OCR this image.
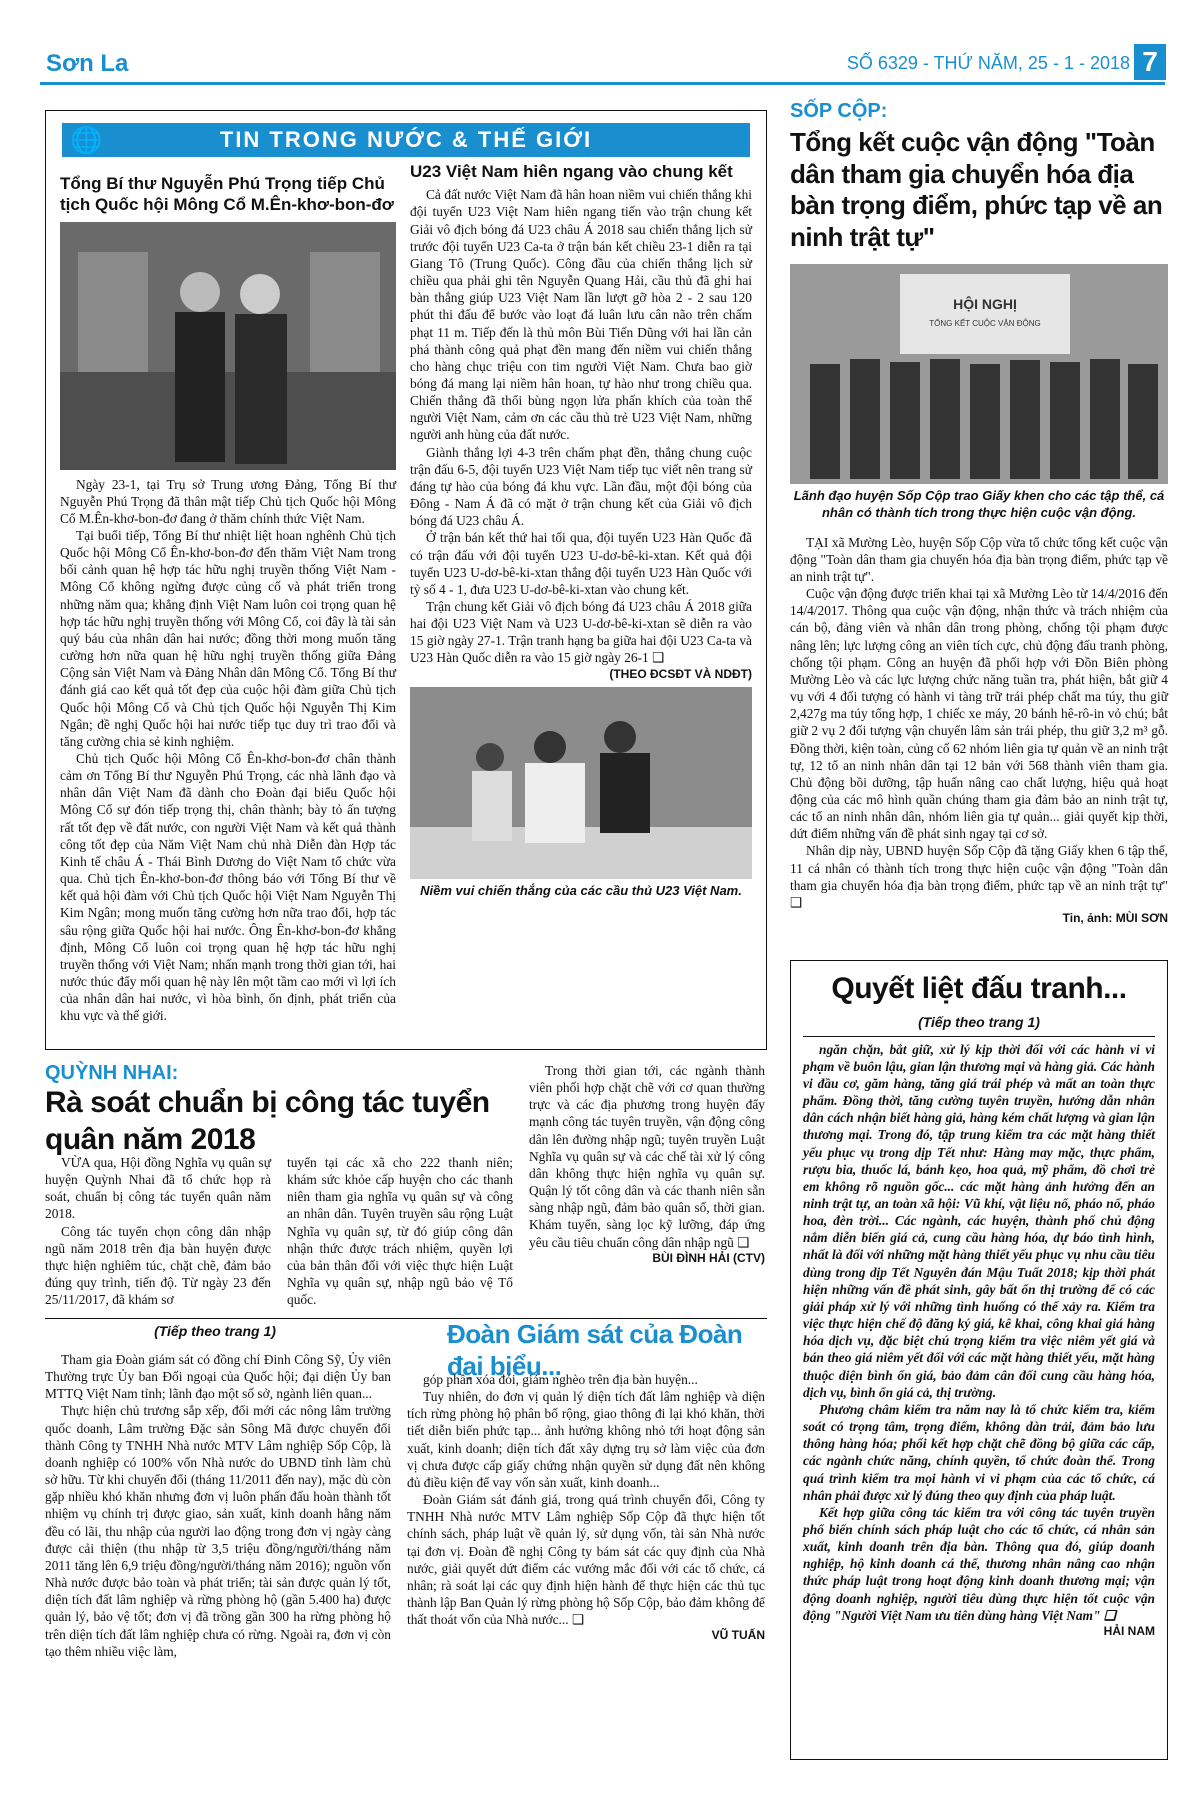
Sơn La	SỐ 6329 - THỨ NĂM, 25 - 1 - 2018 7
🌐	TIN TRONG NƯỚC & THẾ GIỚI
Tổng Bí thư Nguyễn Phú Trọng tiếp Chủ tịch Quốc hội Mông Cổ M.Ên-khơ-bon-đơ

Ngày 23-1, tại Trụ sở Trung ương Đảng, Tổng Bí thư Nguyễn Phú Trọng đã thân mật tiếp Chủ tịch Quốc hội Mông Cổ M.Ên-khơ-bon-đơ đang ở thăm chính thức Việt Nam.

Tại buổi tiếp, Tổng Bí thư nhiệt liệt hoan nghênh Chủ tịch Quốc hội Mông Cổ Ên-khơ-bon-đơ đến thăm Việt Nam trong bối cảnh quan hệ hợp tác hữu nghị truyền thống Việt Nam - Mông Cổ không ngừng được củng cố và phát triển trong những năm qua; khẳng định Việt Nam luôn coi trọng quan hệ hợp tác hữu nghị truyền thống với Mông Cổ, coi đây là tài sản quý báu của nhân dân hai nước; đồng thời mong muốn tăng cường hơn nữa quan hệ hữu nghị truyền thống giữa Đảng Cộng sản Việt Nam và Đảng Nhân dân Mông Cổ. Tổng Bí thư đánh giá cao kết quả tốt đẹp của cuộc hội đàm giữa Chủ tịch Quốc hội Mông Cổ và Chủ tịch Quốc hội Nguyễn Thị Kim Ngân; đề nghị Quốc hội hai nước tiếp tục duy trì trao đổi và tăng cường chia sẻ kinh nghiệm.

Chủ tịch Quốc hội Mông Cổ Ên-khơ-bon-đơ chân thành cảm ơn Tổng Bí thư Nguyễn Phú Trọng, các nhà lãnh đạo và nhân dân Việt Nam đã dành cho Đoàn đại biểu Quốc hội Mông Cổ sự đón tiếp trọng thị, chân thành; bày tỏ ấn tượng rất tốt đẹp về đất nước, con người Việt Nam và kết quả thành công tốt đẹp của Năm Việt Nam chủ nhà Diễn đàn Hợp tác Kinh tế châu Á - Thái Bình Dương do Việt Nam tổ chức vừa qua. Chủ tịch Ên-khơ-bon-đơ thông báo với Tổng Bí thư về kết quả hội đàm với Chủ tịch Quốc hội Việt Nam Nguyễn Thị Kim Ngân; mong muốn tăng cường hơn nữa trao đổi, hợp tác sâu rộng giữa Quốc hội hai nước. Ông Ên-khơ-bon-đơ khẳng định, Mông Cổ luôn coi trọng quan hệ hợp tác hữu nghị truyền thống với Việt Nam; nhấn mạnh trong thời gian tới, hai nước thúc đẩy mối quan hệ này lên một tầm cao mới vì lợi ích của nhân dân hai nước, vì hòa bình, ổn định, phát triển của khu vực và thế giới.

U23 Việt Nam hiên ngang vào chung kết

Cả đất nước Việt Nam đã hân hoan niềm vui chiến thắng khi đội tuyển U23 Việt Nam hiên ngang tiến vào trận chung kết Giải vô địch bóng đá U23 châu Á 2018 sau chiến thắng lịch sử trước đội tuyển U23 Ca-ta ở trận bán kết chiều 23-1 diễn ra tại Giang Tô (Trung Quốc). Công đầu của chiến thắng lịch sử chiều qua phải ghi tên Nguyễn Quang Hải, cầu thủ đã ghi hai bàn thắng giúp U23 Việt Nam lần lượt gỡ hòa 2 - 2 sau 120 phút thi đấu để bước vào loạt đá luân lưu cân não trên chấm phạt 11 m. Tiếp đến là thủ môn Bùi Tiến Dũng với hai lần cản phá thành công quả phạt đền mang đến niềm vui chiến thắng cho hàng chục triệu con tim người Việt Nam. Chưa bao giờ bóng đá mang lại niềm hân hoan, tự hào như trong chiều qua. Chiến thắng đã thổi bùng ngọn lửa phấn khích của toàn thể người Việt Nam, cảm ơn các cầu thủ trẻ U23 Việt Nam, những người anh hùng của đất nước.

Giành thắng lợi 4-3 trên chấm phạt đền, thắng chung cuộc trận đấu 6-5, đội tuyển U23 Việt Nam tiếp tục viết nên trang sử đáng tự hào của bóng đá khu vực. Lần đầu, một đội bóng của Đông - Nam Á đã có mặt ở trận chung kết của Giải vô địch bóng đá U23 châu Á.

Ở trận bán kết thứ hai tối qua, đội tuyển U23 Hàn Quốc đã có trận đấu với đội tuyển U23 U-dơ-bê-ki-xtan. Kết quả đội tuyển U23 U-dơ-bê-ki-xtan thắng đội tuyển U23 Hàn Quốc với tỷ số 4 - 1, đưa U23 U-dơ-bê-ki-xtan vào chung kết.

Trận chung kết Giải vô địch bóng đá U23 châu Á 2018 giữa hai đội U23 Việt Nam và U23 U-dơ-bê-ki-xtan sẽ diễn ra vào 15 giờ ngày 27-1. Trận tranh hạng ba giữa hai đội U23 Ca-ta và U23 Hàn Quốc diễn ra vào 15 giờ ngày 26-1 ❑

(THEO ĐCSĐT VÀ NDĐT)
Niềm vui chiến thắng của các cầu thủ U23 Việt Nam.
SỐP CỘP:
Tổng kết cuộc vận động "Toàn dân tham gia chuyển hóa địa bàn trọng điểm, phức tạp về an ninh trật tự"
HỘI NGHỊ
TỔNG KẾT CUỘC VẬN ĐỘNG
Lãnh đạo huyện Sốp Cộp trao Giấy khen cho các tập thể, cá nhân có thành tích trong thực hiện cuộc vận động.

TẠI xã Mường Lèo, huyện Sốp Cộp vừa tổ chức tổng kết cuộc vận động "Toàn dân tham gia chuyển hóa địa bàn trọng điểm, phức tạp về an ninh trật tự".

Cuộc vận động được triển khai tại xã Mường Lèo từ 14/4/2016 đến 14/4/2017. Thông qua cuộc vận động, nhận thức và trách nhiệm của cán bộ, đảng viên và nhân dân trong phòng, chống tội phạm được nâng lên; lực lượng công an viên tích cực, chủ động đấu tranh phòng, chống tội phạm. Công an huyện đã phối hợp với Đồn Biên phòng Mường Lèo và các lực lượng chức năng tuần tra, phát hiện, bắt giữ 4 vụ với 4 đối tượng có hành vi tàng trữ trái phép chất ma túy, thu giữ 2,427g ma túy tổng hợp, 1 chiếc xe máy, 20 bánh hê-rô-in vỏ chú; bắt giữ 2 vụ 2 đối tượng vận chuyển lâm sản trái phép, thu giữ 3,2 m³ gỗ. Đồng thời, kiện toàn, củng cố 62 nhóm liên gia tự quản về an ninh trật tự, 12 tổ an ninh nhân dân tại 12 bản với 568 thành viên tham gia. Chủ động bồi dưỡng, tập huấn nâng cao chất lượng, hiệu quả hoạt động của các mô hình quần chúng tham gia đảm bảo an ninh trật tự, các tổ an ninh nhân dân, nhóm liên gia tự quản... giải quyết kịp thời, dứt điểm những vấn đề phát sinh ngay tại cơ sở.

Nhân dịp này, UBND huyện Sốp Cộp đã tặng Giấy khen 6 tập thể, 11 cá nhân có thành tích trong thực hiện cuộc vận động "Toàn dân tham gia chuyển hóa địa bàn trọng điểm, phức tạp về an ninh trật tự" ❑

Tin, ảnh: MÙI SƠN
Quyết liệt đấu tranh...
(Tiếp theo trang 1)

ngăn chặn, bắt giữ, xử lý kịp thời đối với các hành vi vi phạm về buôn lậu, gian lận thương mại và hàng giả. Các hành vi đầu cơ, găm hàng, tăng giá trái phép và mất an toàn thực phẩm. Đồng thời, tăng cường tuyên truyền, hướng dẫn nhân dân cách nhận biết hàng giả, hàng kém chất lượng và gian lận thương mại. Trong đó, tập trung kiểm tra các mặt hàng thiết yếu phục vụ trong dịp Tết như: Hàng may mặc, thực phẩm, rượu bia, thuốc lá, bánh kẹo, hoa quả, mỹ phẩm, đồ chơi trẻ em không rõ nguồn gốc... các mặt hàng ảnh hưởng đến an ninh trật tự, an toàn xã hội: Vũ khí, vật liệu nổ, pháo nổ, pháo hoa, đèn trời... Các ngành, các huyện, thành phố chủ động nắm diễn biến giá cả, cung cầu hàng hóa, dự báo tình hình, nhất là đối với những mặt hàng thiết yếu phục vụ nhu cầu tiêu dùng trong dịp Tết Nguyên đán Mậu Tuất 2018; kịp thời phát hiện những vấn đề phát sinh, gây bất ổn thị trường để có các giải pháp xử lý với những tình huống có thể xảy ra. Kiểm tra việc thực hiện chế độ đăng ký giá, kê khai, công khai giá hàng hóa dịch vụ, đặc biệt chú trọng kiểm tra việc niêm yết giá và bán theo giá niêm yết đối với các mặt hàng thiết yếu, mặt hàng thuộc diện bình ổn giá, bảo đảm cân đối cung cầu hàng hóa, dịch vụ, bình ổn giá cả, thị trường.

Phương châm kiểm tra năm nay là tổ chức kiểm tra, kiểm soát có trọng tâm, trọng điểm, không dàn trải, đảm bảo lưu thông hàng hóa; phối kết hợp chặt chẽ đồng bộ giữa các cấp, các ngành chức năng, chính quyền, tổ chức đoàn thể. Trong quá trình kiểm tra mọi hành vi vi phạm của các tổ chức, cá nhân phải được xử lý đúng theo quy định của pháp luật.

Kết hợp giữa công tác kiểm tra với công tác tuyên truyền phổ biến chính sách pháp luật cho các tổ chức, cá nhân sản xuất, kinh doanh trên địa bàn. Thông qua đó, giúp doanh nghiệp, hộ kinh doanh cá thể, thương nhân nâng cao nhận thức pháp luật trong hoạt động kinh doanh thương mại; vận động doanh nghiệp, người tiêu dùng thực hiện tốt cuộc vận động "Người Việt Nam ưu tiên dùng hàng Việt Nam" ❑

HẢI NAM
QUỲNH NHAI:
Rà soát chuẩn bị công tác tuyển quân năm 2018

VỪA qua, Hội đồng Nghĩa vụ quân sự huyện Quỳnh Nhai đã tổ chức họp rà soát, chuẩn bị công tác tuyển quân năm 2018.

Công tác tuyển chọn công dân nhập ngũ năm 2018 trên địa bàn huyện được thực hiện nghiêm túc, chặt chẽ, đảm bảo đúng quy trình, tiến độ. Từ ngày 23 đến 25/11/2017, đã khám sơ

tuyển tại các xã cho 222 thanh niên; khám sức khỏe cấp huyện cho các thanh niên tham gia nghĩa vụ quân sự và công an nhân dân. Tuyên truyền sâu rộng Luật Nghĩa vụ quân sự, từ đó giúp công dân nhận thức được trách nhiệm, quyền lợi của bản thân đối với việc thực hiện Luật Nghĩa vụ quân sự, nhập ngũ bảo vệ Tổ quốc.

Trong thời gian tới, các ngành thành viên phối hợp chặt chẽ với cơ quan thường trực và các địa phương trong huyện đẩy mạnh công tác tuyên truyền, vận động công dân lên đường nhập ngũ; tuyên truyền Luật Nghĩa vụ quân sự và các chế tài xử lý công dân không thực hiện nghĩa vụ quân sự. Quận lý tốt công dân và các thanh niên sẵn sàng nhập ngũ, đảm bảo quân số, thời gian. Khám tuyển, sàng lọc kỹ lưỡng, đáp ứng yêu cầu tiêu chuẩn công dân nhập ngũ ❑

BÙI ĐÌNH HẢI (CTV)
(Tiếp theo trang 1)	Đoàn Giám sát của Đoàn đại biểu...

Tham gia Đoàn giám sát có đồng chí Đinh Công Sỹ, Ủy viên Thường trực Ủy ban Đối ngoại của Quốc hội; đại diện Ủy ban MTTQ Việt Nam tỉnh; lãnh đạo một số sở, ngành liên quan...

Thực hiện chủ trương sắp xếp, đổi mới các nông lâm trường quốc doanh, Lâm trường Đặc sản Sông Mã được chuyển đổi thành Công ty TNHH Nhà nước MTV Lâm nghiệp Sốp Cộp, là doanh nghiệp có 100% vốn Nhà nước do UBND tỉnh làm chủ sở hữu. Từ khi chuyển đổi (tháng 11/2011 đến nay), mặc dù còn gặp nhiều khó khăn nhưng đơn vị luôn phấn đấu hoàn thành tốt nhiệm vụ chính trị được giao, sản xuất, kinh doanh hằng năm đều có lãi, thu nhập của người lao động trong đơn vị ngày càng được cải thiện (thu nhập từ 3,5 triệu đồng/người/tháng năm 2011 tăng lên 6,9 triệu đồng/người/tháng năm 2016); nguồn vốn Nhà nước được bảo toàn và phát triển; tài sản được quản lý tốt, diện tích đất lâm nghiệp và rừng phòng hộ (gần 5.400 ha) được quản lý, bảo vệ tốt; đơn vị đã trồng gần 300 ha rừng phòng hộ trên diện tích đất lâm nghiệp chưa có rừng. Ngoài ra, đơn vị còn tạo thêm nhiều việc làm,

góp phần xóa đói, giảm nghèo trên địa bàn huyện...

Tuy nhiên, do đơn vị quản lý diện tích đất lâm nghiệp và diện tích rừng phòng hộ phân bố rộng, giao thông đi lại khó khăn, thời tiết diễn biến phức tạp... ảnh hưởng không nhỏ tới hoạt động sản xuất, kinh doanh; diện tích đất xây dựng trụ sở làm việc của đơn vị chưa được cấp giấy chứng nhận quyền sử dụng đất nên không đủ điều kiện để vay vốn sản xuất, kinh doanh...

Đoàn Giám sát đánh giá, trong quá trình chuyển đổi, Công ty TNHH Nhà nước MTV Lâm nghiệp Sốp Cộp đã thực hiện tốt chính sách, pháp luật về quản lý, sử dụng vốn, tài sản Nhà nước tại đơn vị. Đoàn đề nghị Công ty bám sát các quy định của Nhà nước, giải quyết dứt điểm các vướng mắc đối với các tổ chức, cá nhân; rà soát lại các quy định hiện hành để thực hiện các thủ tục thành lập Ban Quản lý rừng phòng hộ Sốp Cộp, bảo đảm không để thất thoát vốn của Nhà nước... ❑

VŨ TUẤN
